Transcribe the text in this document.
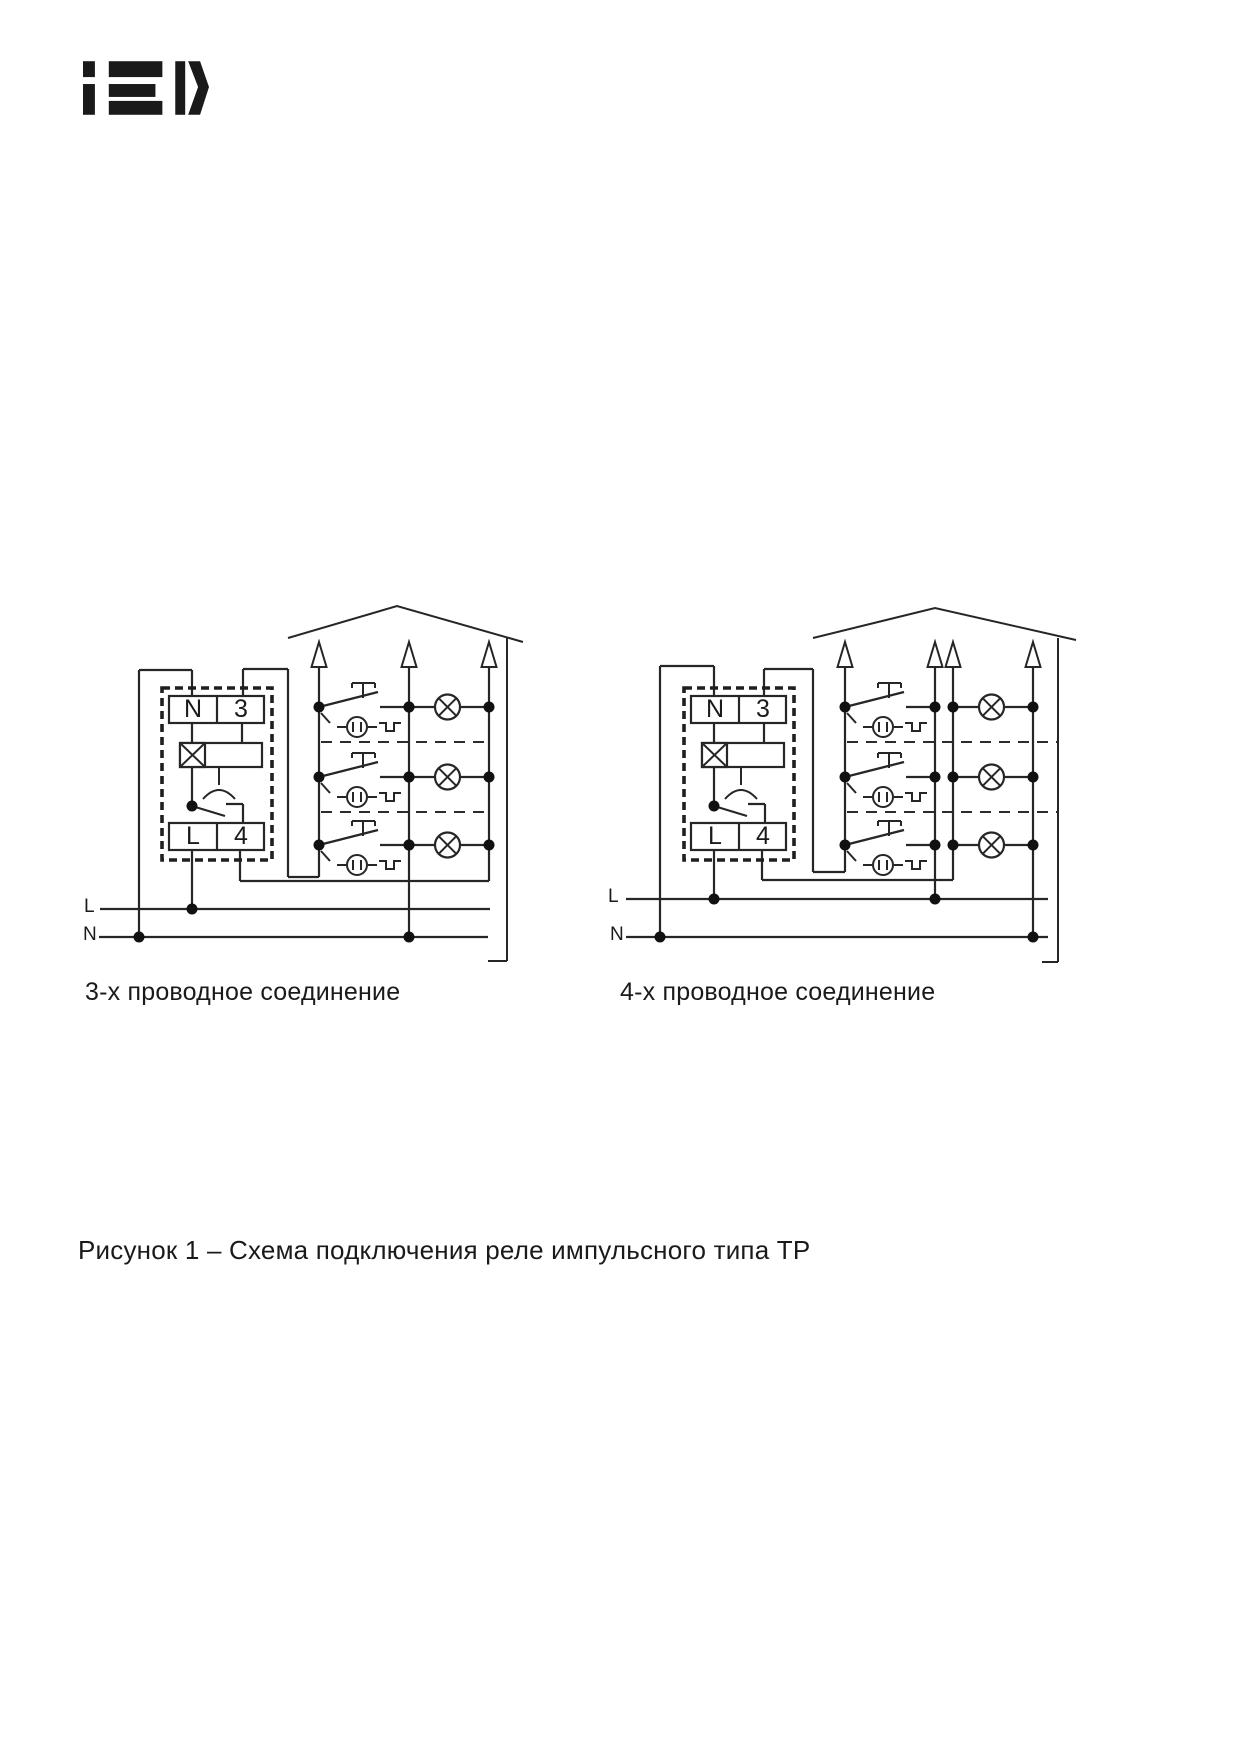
N	3
L	4
L
N
L
N
3-х проводное соединение	4-х проводное соединение
Рисунок 1 – Схема подключения реле импульсного типа ТР
